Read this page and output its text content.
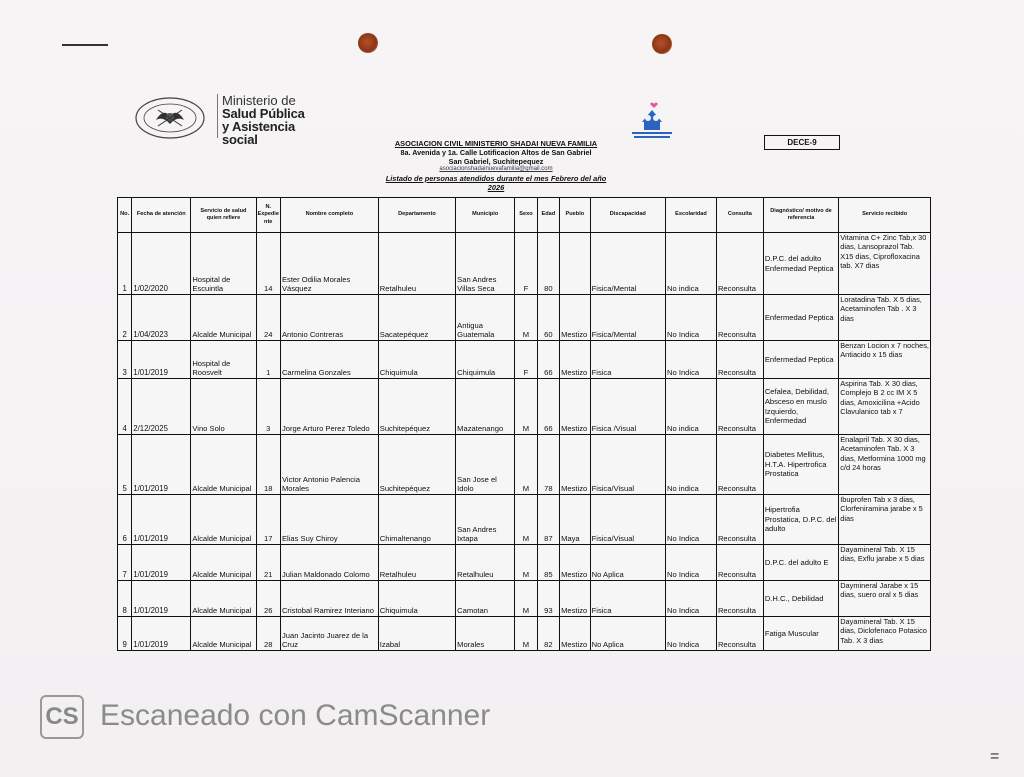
Ministerio de
Salud Pública
y Asistencia
social	ASOCIACION CIVIL MINISTERIO SHADAI NUEVA FAMILIA
8a. Avenida y 1a. Calle Lotificacion Altos de San Gabriel
San Gabriel, Suchitepequez
asociacionshadainuevafamilia@gmail.com
Listado de personas atendidos durante el mes Febrero del año 2026
DECE-9
No.	Fecha de atención	Servicio de salud quien refiere	N. Expedie nte	Nombre completo	Departamento	Municipio	Sexo	Edad	Pueblo	Discapacidad	Escolaridad	Consulta	Diagnóstico/ motivo de referencia	Servicio recibido
1	1/02/2020	Hospital de Escuintla	14	Ester Odilia Morales Vásquez	Retalhuleu	San Andres Villas Seca	F	80		Fisica/Mental	No indica	Reconsulta	D.P.C. del adulto Enfermedad Peptica	Vitamina C+ Zinc Tab,x 30 dias, Lansoprazol Tab. X15 dias, Ciprofloxacina tab. X7 dias
2	1/04/2023	Alcalde Municipal	24	Antonio Contreras	Sacatepéquez	Antigua Guatemala	M	60	Mestizo	Fisica/Mental	No Indica	Reconsulta	Enfermedad Peptica	Loratadina Tab. X 5 dias, Acetaminofen Tab . X 3 dias
3	1/01/2019	Hospital de Roosvelt	1	Carmelina Gonzales	Chiquimula	Chiquimula	F	66	Mestizo	Fisica	No Indica	Reconsulta	Enfermedad Peptica	Benzan Locion x 7 noches, Antiacido x 15 dias
4	2/12/2025	Vino Solo	3	Jorge Arturo Perez Toledo	Suchitepéquez	Mazatenango	M	66	Mestizo	Fisica /Visual	No indica	Reconsulta	Cefalea, Debilidad, Absceso en muslo Izquierdo, Enfermedad	Aspirina Tab. X 30 dias, Complejo B 2 cc IM X 5 dias, Amoxicilina +Acido Clavulanico tab x 7
5	1/01/2019	Alcalde Municipal	18	Victor Antonio Palencia Morales	Suchitepéquez	San Jose el Idolo	M	78	Mestizo	Fisica/Visual	No indica	Reconsulta	Diabetes Mellitus, H.T.A. Hipertrofica Prostatica	Enalapril Tab. X 30 dias, Acetaminofen Tab. X 3 dias, Metformina 1000 mg c/d 24 horas
6	1/01/2019	Alcalde Municipal	17	Elias Suy Chiroy	Chimaltenango	San Andres Ixtapa	M	87	Maya	Fisica/Visual	No Indica	Reconsulta	Hipertrofia Prostatica, D.P.C. del adulto	Ibuprofen Tab x 3 dias, Clorfeniramina jarabe x 5 dias
7	1/01/2019	Alcalde Municipal	21	Julian Maldonado Colomo	Retalhuleu	Retalhuleu	M	85	Mestizo	No Aplica	No Indica	Reconsulta	D.P.C. del adulto E	Dayamineral Tab. X 15 dias, Exflu jarabe x 5 dias
8	1/01/2019	Alcalde Municipal	26	Cristobal Ramirez Interiano	Chiquimula	Camotan	M	93	Mestizo	Fisica	No Indica	Reconsulta	D.H.C., Debilidad	Daymineral Jarabe x 15 dias, suero oral x 5 dias
9	1/01/2019	Alcalde Municipal	28	Juan Jacinto Juarez de la Cruz	Izabal	Morales	M	82	Mestizo	No Aplica	No Indica	Reconsulta	Fatiga Muscular	Dayamineral Tab. X 15 dias, Diclofenaco Potasico Tab. X 3 dias
CS Escaneado con CamScanner
=
